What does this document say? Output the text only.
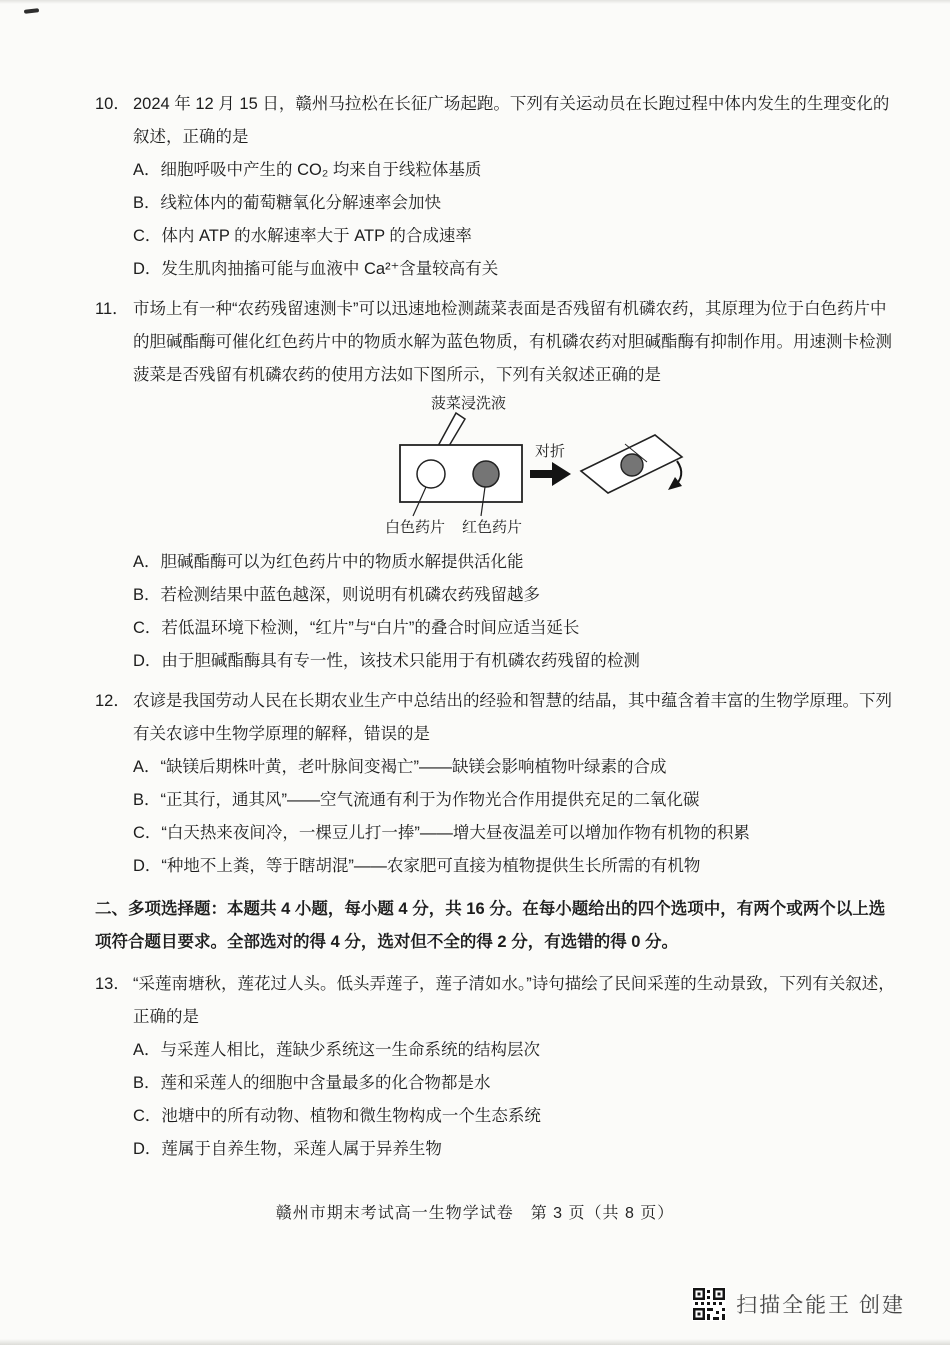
10． 2024 年 12 月 15 日，赣州马拉松在长征广场起跑。下列有关运动员在长跑过程中体内发生的生理变化的叙述，正确的是
A．细胞呼吸中产生的 CO₂ 均来自于线粒体基质
B．线粒体内的葡萄糖氧化分解速率会加快
C．体内 ATP 的水解速率大于 ATP 的合成速率
D．发生肌肉抽搐可能与血液中 Ca²⁺含量较高有关
11． 市场上有一种“农药残留速测卡”可以迅速地检测蔬菜表面是否残留有机磷农药，其原理为位于白色药片中的胆碱酯酶可催化红色药片中的物质水解为蓝色物质，有机磷农药对胆碱酯酶有抑制作用。用速测卡检测菠菜是否残留有机磷农药的使用方法如下图所示，下列有关叙述正确的是
菠菜浸洗液
对折
白色药片 红色药片
A．胆碱酯酶可以为红色药片中的物质水解提供活化能
B．若检测结果中蓝色越深，则说明有机磷农药残留越多
C．若低温环境下检测，“红片”与“白片”的叠合时间应适当延长
D．由于胆碱酯酶具有专一性，该技术只能用于有机磷农药残留的检测
12． 农谚是我国劳动人民在长期农业生产中总结出的经验和智慧的结晶，其中蕴含着丰富的生物学原理。下列有关农谚中生物学原理的解释，错误的是
A．“缺镁后期株叶黄，老叶脉间变褐亡”——缺镁会影响植物叶绿素的合成
B．“正其行，通其风”——空气流通有利于为作物光合作用提供充足的二氧化碳
C．“白天热来夜间冷，一棵豆儿打一捧”——增大昼夜温差可以增加作物有机物的积累
D．“种地不上粪，等于瞎胡混”——农家肥可直接为植物提供生长所需的有机物
二、多项选择题：本题共 4 小题，每小题 4 分，共 16 分。在每小题给出的四个选项中，有两个或两个以上选项符合题目要求。全部选对的得 4 分，选对但不全的得 2 分，有选错的得 0 分。
13． “采莲南塘秋，莲花过人头。低头弄莲子，莲子清如水。”诗句描绘了民间采莲的生动景致，下列有关叙述，正确的是
A．与采莲人相比，莲缺少系统这一生命系统的结构层次
B．莲和采莲人的细胞中含量最多的化合物都是水
C．池塘中的所有动物、植物和微生物构成一个生态系统
D．莲属于自养生物，采莲人属于异养生物
赣州市期末考试高一生物学试卷　第 3 页（共 8 页）
扫描全能王 创建
